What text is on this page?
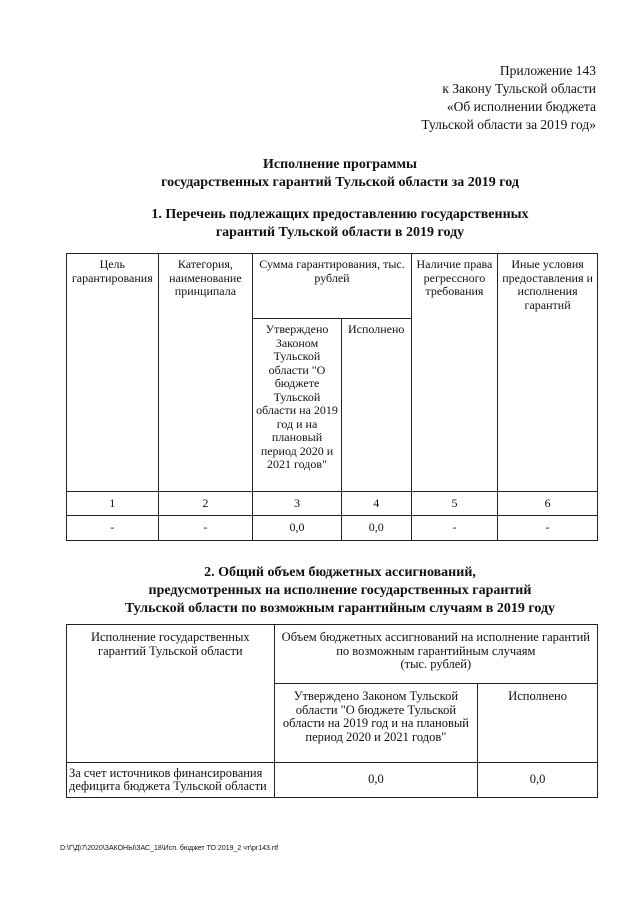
Приложение 143
к Закону Тульской области
«Об исполнении бюджета
Тульской области за 2019 год»
Исполнение программы
государственных гарантий Тульской области за 2019 год
1. Перечень подлежащих предоставлению государственных
гарантий Тульской области в 2019 году
Цель гарантирования	Категория, наименование принципала	Сумма гарантирования, тыс. рублей		Наличие права регрессного требования	Иные условия предоставления и исполнения гарантий
		Утверждено Законом Тульской области "О бюджете Тульской области на 2019 год и на плановый период 2020 и 2021 годов"	Исполнено		
1	2	3	4	5	6
-	-	0,0	0,0	-	-
2. Общий объем бюджетных ассигнований,
предусмотренных на исполнение государственных гарантий
Тульской области по возможным гарантийным случаям в 2019 году
Исполнение государственных гарантий Тульской области	Объем бюджетных ассигнований на исполнение гарантий по возможным гарантийным случаям
(тыс. рублей)	
	Утверждено Законом Тульской области "О бюджете Тульской области на 2019 год и на плановый период 2020 и 2021 годов"	Исполнено
За счет источников финансирования дефицита бюджета Тульской области	0,0	0,0
D:\Г\Д\7\2020\ЗАКОНЫ\ЗАС_18\Исп. бюджет ТО 2019_2 чт\pr143.rtf
